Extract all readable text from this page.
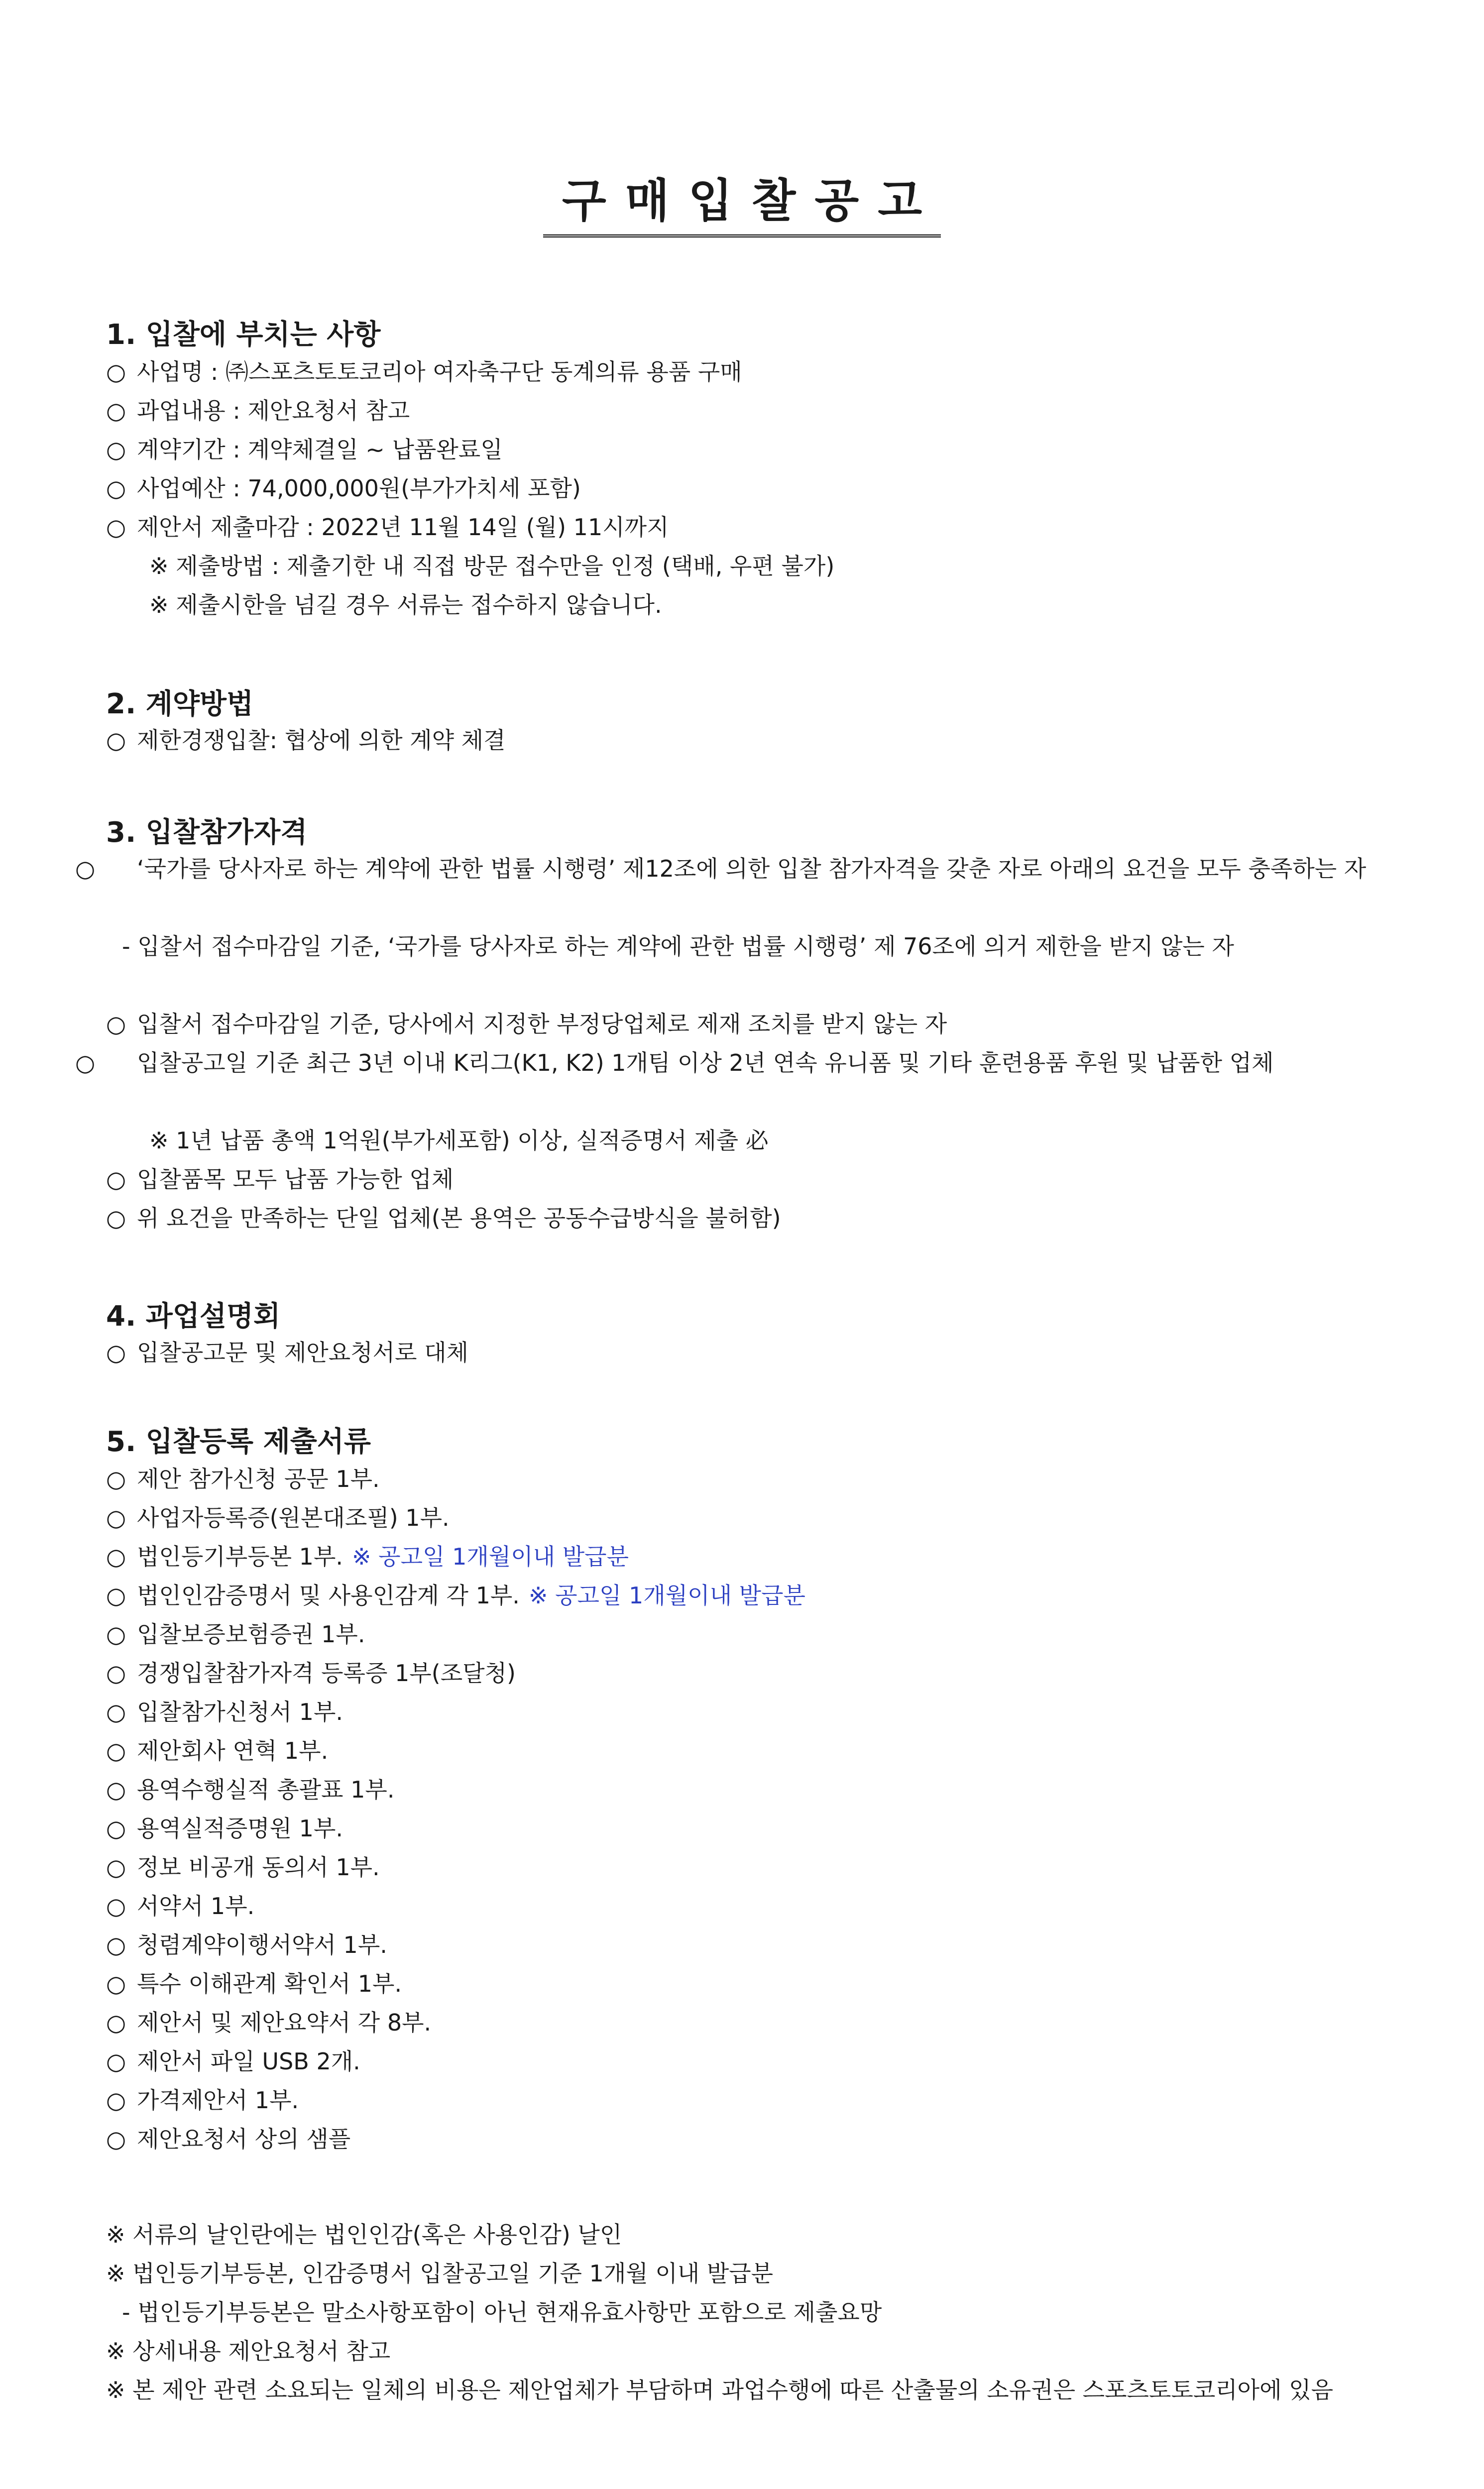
구매입찰공고
1. 입찰에 부치는 사항

○ 사업명 : ㈜스포츠토토코리아 여자축구단 동계의류 용품 구매

○ 과업내용 : 제안요청서 참고

○ 계약기간 : 계약체결일 ~ 납품완료일

○ 사업예산 : 74,000,000원(부가가치세 포함)

○ 제안서 제출마감 : 2022년 11월 14일 (월) 11시까지

※ 제출방법 : 제출기한 내 직접 방문 접수만을 인정 (택배, 우편 불가)

※ 제출시한을 넘길 경우 서류는 접수하지 않습니다.

2. 계약방법

○ 제한경쟁입찰: 협상에 의한 계약 체결

3. 입찰참가자격

○ ‘국가를 당사자로 하는 계약에 관한 법률 시행령’ 제12조에 의한 입찰 참가자격을 갖춘 자로 아래의 요건을 모두 충족하는 자

- 입찰서 접수마감일 기준, ‘국가를 당사자로 하는 계약에 관한 법률 시행령’ 제 76조에 의거 제한을 받지 않는 자

○ 입찰서 접수마감일 기준, 당사에서 지정한 부정당업체로 제재 조치를 받지 않는 자

○ 입찰공고일 기준 최근 3년 이내 K리그(K1, K2) 1개팀 이상 2년 연속 유니폼 및 기타 훈련용품 후원 및 납품한 업체

※ 1년 납품 총액 1억원(부가세포함) 이상, 실적증명서 제출 必

○ 입찰품목 모두 납품 가능한 업체

○ 위 요건을 만족하는 단일 업체(본 용역은 공동수급방식을 불허함)

4. 과업설명회

○ 입찰공고문 및 제안요청서로 대체

5. 입찰등록 제출서류

○ 제안 참가신청 공문 1부.

○ 사업자등록증(원본대조필) 1부.

○ 법인등기부등본 1부. ※ 공고일 1개월이내 발급분

○ 법인인감증명서 및 사용인감계 각 1부. ※ 공고일 1개월이내 발급분

○ 입찰보증보험증권 1부.

○ 경쟁입찰참가자격 등록증 1부(조달청)

○ 입찰참가신청서 1부.

○ 제안회사 연혁 1부.

○ 용역수행실적 총괄표 1부.

○ 용역실적증명원 1부.

○ 정보 비공개 동의서 1부.

○ 서약서 1부.

○ 청렴계약이행서약서 1부.

○ 특수 이해관계 확인서 1부.

○ 제안서 및 제안요약서 각 8부.

○ 제안서 파일 USB 2개.

○ 가격제안서 1부.

○ 제안요청서 상의 샘플

※ 서류의 날인란에는 법인인감(혹은 사용인감) 날인

※ 법인등기부등본, 인감증명서 입찰공고일 기준 1개월 이내 발급분

- 법인등기부등본은 말소사항포함이 아닌 현재유효사항만 포함으로 제출요망

※ 상세내용 제안요청서 참고

※ 본 제안 관련 소요되는 일체의 비용은 제안업체가 부담하며 과업수행에 따른 산출물의 소유권은 스포츠토토코리아에 있음
